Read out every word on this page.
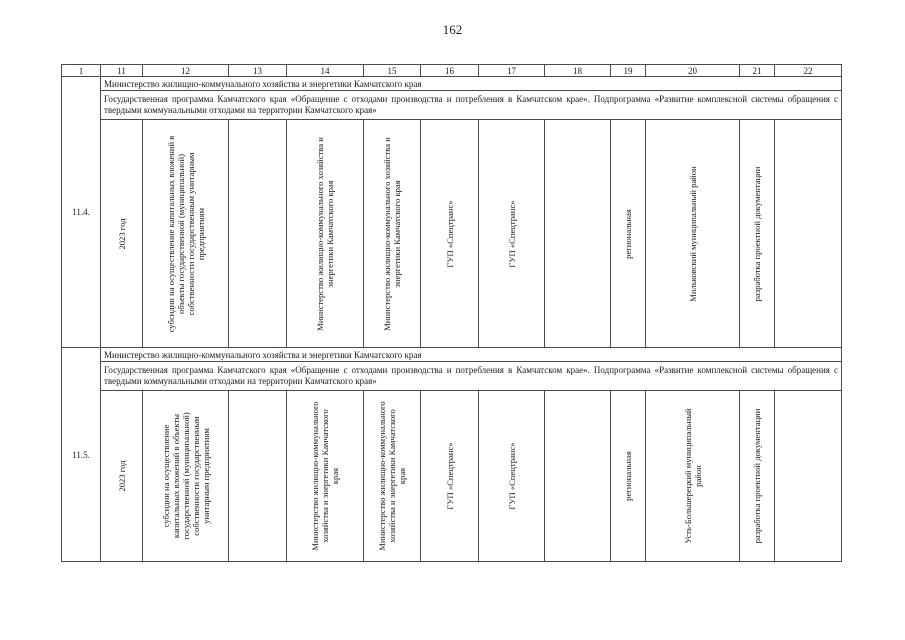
162
1	11	12	13	14	15	16	17	18	19	20	21	22
11.4.	Министерство жилищно-коммунального хозяйства и энергетики Камчатского края											
	Государственная программа Камчатского края «Обращение с отходами производства и потребления в Камчатском крае». Подпрограмма «Развитие комплексной системы обращения с твердыми коммунальными отходами на территории Камчатского края»											

	2023 год	субсидии на осуществление капитальных вложений в объекты государственной (муниципальной) собственности государственным унитарным предприятиям		Министерство жилищно-коммунального хозяйства и энергетики Камчатского края	Министерство жилищно-коммунального хозяйства и энергетики Камчатского края	ГУП «Спецтранс»	ГУП «Спецтранс»		региональная	Мильковский муниципальный район	разработка проектной документации	

11.5.	Министерство жилищно-коммунального хозяйства и энергетики Камчатского края											
	Государственная программа Камчатского края «Обращение с отходами производства и потребления в Камчатском крае». Подпрограмма «Развитие комплексной системы обращения с твердыми коммунальными отходами на территории Камчатского края»											

	2023 год	субсидии на осуществление капитальных вложений в объекты государственной (муниципальной) собственности государственным унитарным предприятиям		Министерство жилищно-коммунального хозяйства и энергетики Камчатского края	Министерство жилищно-коммунального хозяйства и энергетики Камчатского края	ГУП «Спецтранс»	ГУП «Спецтранс»		региональная	Усть-Большерецкий муниципальный район	разработка проектной документации	
